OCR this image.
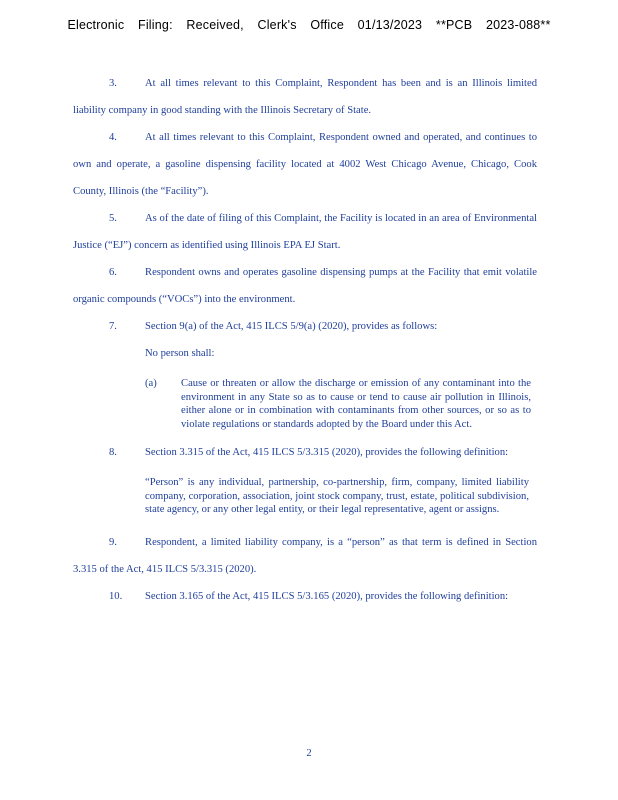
Electronic Filing: Received, Clerk's Office 01/13/2023 **PCB 2023-088**

3.	At all times relevant to this Complaint, Respondent has been and is an Illinois limited liability company in good standing with the Illinois Secretary of State.

4.	At all times relevant to this Complaint, Respondent owned and operated, and continues to own and operate, a gasoline dispensing facility located at 4002 West Chicago Avenue, Chicago, Cook County, Illinois (the “Facility”).

5.	As of the date of filing of this Complaint, the Facility is located in an area of Environmental Justice (“EJ”) concern as identified using Illinois EPA EJ Start.

6.	Respondent owns and operates gasoline dispensing pumps at the Facility that emit volatile organic compounds (“VOCs”) into the environment.

7.	Section 9(a) of the Act, 415 ILCS 5/9(a) (2020), provides as follows:

No person shall:

(a)	Cause or threaten or allow the discharge or emission of any contaminant into the environment in any State so as to cause or tend to cause air pollution in Illinois, either alone or in combination with contaminants from other sources, or so as to violate regulations or standards adopted by the Board under this Act.

8.	Section 3.315 of the Act, 415 ILCS 5/3.315 (2020), provides the following definition:

“Person” is any individual, partnership, co-partnership, firm, company, limited liability company, corporation, association, joint stock company, trust, estate, political subdivision, state agency, or any other legal entity, or their legal representative, agent or assigns.

9.	Respondent, a limited liability company, is a “person” as that term is defined in Section 3.315 of the Act, 415 ILCS 5/3.315 (2020).

10. Section 3.165 of the Act, 415 ILCS 5/3.165 (2020), provides the following definition:

2
